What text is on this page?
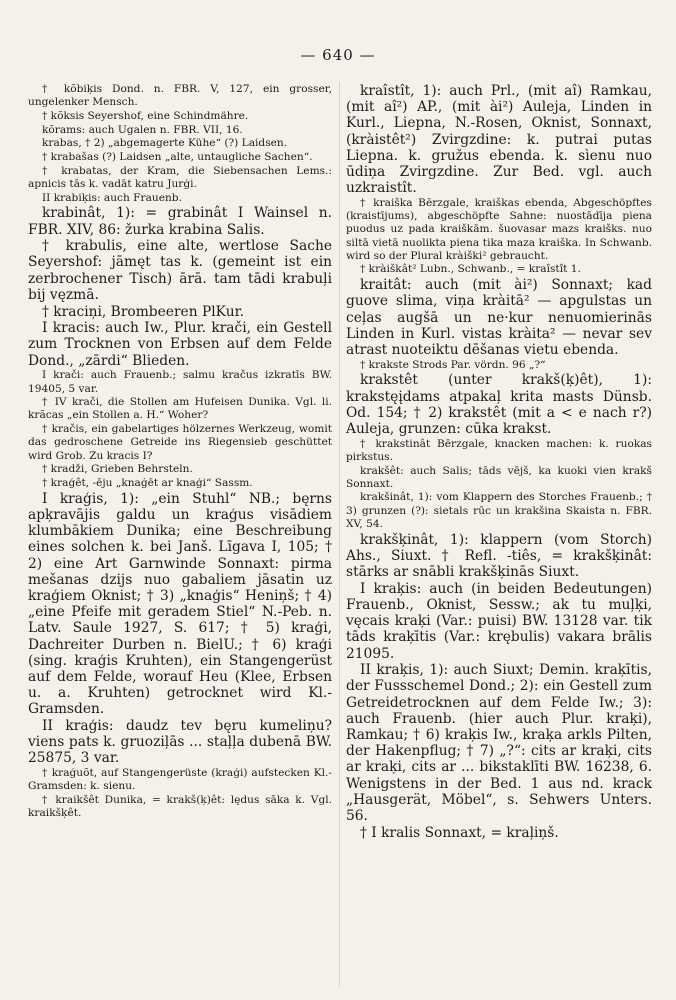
— 640 —

† kõbiķis Dond. n. FBR. V, 127, ein grosser, ungelenker Mensch.

† kõksis Seyershof, eine Schindmähre.

kõrams: auch Ugalen n. FBR. VII, 16.

krabas, † 2) „abgemagerte Kühe“ (?) Laidsen.

† krabašas (?) Laidsen „alte, untaugliche Sachen“.

† krabatas, der Kram, die Siebensachen Lems.: apnicis tās k. vadāt katru Jurģi.

II krabiķis: auch Frauenb.

krabinât, 1): = grabinât I Wainsel n. FBR. XIV, 86: žurka krabina Salis.

† krabulis, eine alte, wertlose Sache Seyershof: jāmęt tas k. (gemeint ist ein zerbrochener Tisch) ārā. tam tādi krabuļi bij vęzmā.

† kraciņi, Brombeeren PlKur.

I kracis: auch Iw., Plur. krači, ein Gestell zum Trocknen von Erbsen auf dem Felde Dond., „zārdi“ Blieden.

I krači: auch Frauenb.; salmu kračus izkratīs BW. 19405, 5 var.

† IV krači, die Stollen am Hufeisen Dunika. Vgl. li. krãcas „ein Stollen a. H.“ Woher?

† kračis, ein gabelartiges hölzernes Werkzeug, womit das gedroschene Getreide ins Riegensieb geschüttet wird Grob. Zu kracis I?

† kradži, Grieben Behrsteln.

† kraģêt, -ēju „knaģēt ar knaģi“ Sassm.

I kraģis, 1): „ein Stuhl“ NB.; bęrns apķravājis galdu un kraģus visādiem klumbākiem Dunika; eine Beschreibung eines solchen k. bei Janš. Līgava I, 105; † 2) eine Art Garnwinde Sonnaxt: pirma mešanas dzijs nuo gabaliem jāsatin uz kraģiem Oknist; † 3) „knaģis“ Heniņš; † 4) „eine Pfeife mit geradem Stiel“ N.-Peb. n. Latv. Saule 1927, S. 617; † 5) kraģi, Dachreiter Durben n. BielU.; † 6) kraģi (sing. kraģis Kruhten), ein Stangengerüst auf dem Felde, worauf Heu (Klee, Erbsen u. a. Kruhten) getrocknet wird Kl.-Gramsden.

II kraģis: daudz tev bęru kumeliņu? viens pats k. gruoziļās ... staļļa dubenā BW. 25875, 3 var.

† kraģuõt, auf Stangengerüste (kraģi) aufstecken Kl.-Gramsden: k. sienu.

† kraikšêt Dunika, = krakš(ķ)êt: lędus sāka k. Vgl. kraikšķêt.

kraîstît, 1): auch Prl., (mit aî) Ramkau, (mit aî²) AP., (mit ài²) Auleja, Linden in Kurl., Liepna, N.-Rosen, Oknist, Sonnaxt, (kràistêt²) Zvirgzdine: k. putrai putas Liepna. k. gružus ebenda. k. sìenu nuo ūdiņa Zvirgzdine. Zur Bed. vgl. auch uzkraistît.

† kraiška Bērzgale, kraiškas ebenda, Abgeschöpftes (kraistījums), abgeschöpfte Sahne: nuostādīja piena puodus uz pada kraiškām. šuovasar mazs kraišks. nuo siltā vietā nuolikta piena tika maza kraiška. In Schwanb. wird so der Plural kràiški² gebraucht.

† kràiškât² Lubn., Schwanb., = kraîstît 1.

kraitât: auch (mit ài²) Sonnaxt; kad guove slima, viņa kràitā² — apgulstas un ceļas augšā un ne·kur nenuomierinās Linden in Kurl. vistas kràita² — nevar sev atrast nuoteiktu dēšanas vietu ebenda.

† krakste Strods Par. vördn. 96 „?“

krakstêt (unter krakš(ķ)êt), 1): krakstęįdams atpakaļ krita masts Dünsb. Od. 154; † 2) krakstêt (mit a < e nach r?) Auleja, grunzen: cūka krakst.

† krakstinât Bērzgale, knacken machen: k. ruokas pirkstus.

krakšêt: auch Salis; tāds vējš, ka kuoki vien krakš Sonnaxt.

krakšinât, 1): vom Klappern des Storches Frauenb.; † 3) grunzen (?): sietals rūc un krakšina Skaista n. FBR. XV, 54.

krakšķinât, 1): klappern (vom Storch) Ahs., Siuxt. † Refl. -tiês, = krakšķinât: stārks ar snābli krakšķinās Siuxt.

I kraķis: auch (in beiden Bedeutungen) Frauenb., Oknist, Sessw.; ak tu muļķi, vęcais kraķi (Var.: puisi) BW. 13128 var. tik tāds kraķītis (Var.: krębulis) vakara brālis 21095.

II kraķis, 1): auch Siuxt; Demin. kraķītis, der Fussschemel Dond.; 2): ein Gestell zum Getreidetrocknen auf dem Felde Iw.; 3): auch Frauenb. (hier auch Plur. kraķi), Ramkau; † 6) kraķis Iw., kraķa arkls Pilten, der Hakenpflug; † 7) „?“: cits ar kraķi, cits ar kraķi, cits ar ... bikstaklīti BW. 16238, 6. Wenigstens in der Bed. 1 aus nd. krack „Hausgerät, Möbel“, s. Sehwers Unters. 56.

† I kralis Sonnaxt, = kraļiņš.
